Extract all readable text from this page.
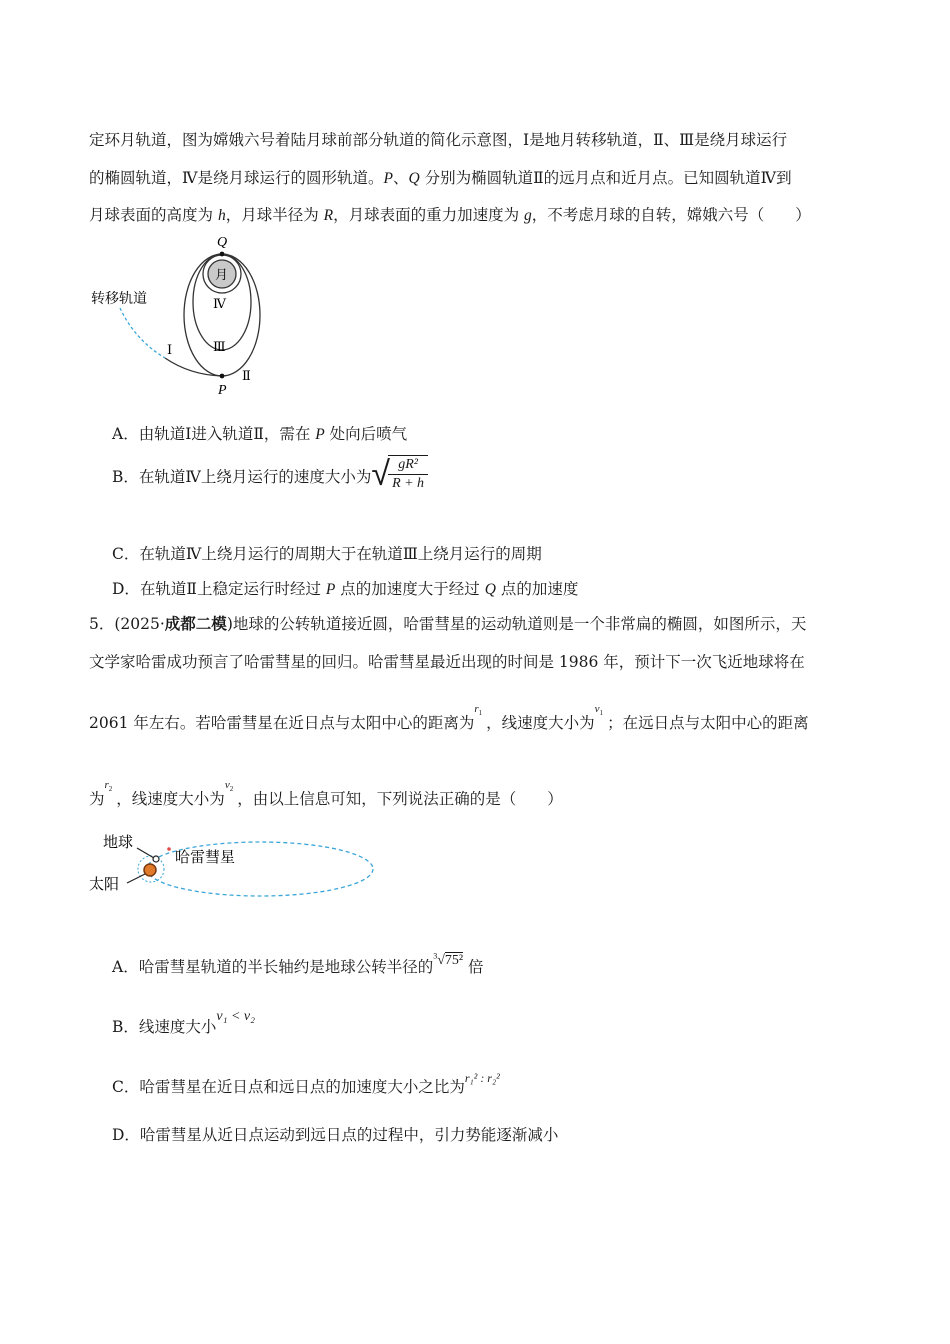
定环月轨道，图为嫦娥六号着陆月球前部分轨道的简化示意图，Ⅰ是地月转移轨道，Ⅱ、Ⅲ是绕月球运行
的椭圆轨道，Ⅳ是绕月球运行的圆形轨道。P、Q 分别为椭圆轨道Ⅱ的远月点和近月点。已知圆轨道Ⅳ到
月球表面的高度为 h，月球半径为 R，月球表面的重力加速度为 g，不考虑月球的自转，嫦娥六号（　　）
Q
月
Ⅳ
转移轨道
Ⅰ	Ⅲ
Ⅱ
P
A．由轨道Ⅰ进入轨道Ⅱ，需在 P 处向后喷气
B．在轨道Ⅳ上绕月运行的速度大小为√
$\frac{\text{gR²}}{R + h}$
C．在轨道Ⅳ上绕月运行的周期大于在轨道Ⅲ上绕月运行的周期
D．在轨道Ⅱ上稳定运行时经过 P 点的加速度大于经过 Q 点的加速度
5．(2025·成都二模)地球的公转轨道接近圆，哈雷彗星的运动轨道则是一个非常扁的椭圆，如图所示，天
文学家哈雷成功预言了哈雷彗星的回归。哈雷彗星最近出现的时间是 1986 年，预计下一次飞近地球将在
2061 年左右。若哈雷彗星在近日点与太阳中心的距离为$^{r_1}$，线速度大小为$^{v_1}$；在远日点与太阳中心的距离
为$^{r_2}$，线速度大小为$^{v_2}$，由以上信息可知，下列说法正确的是（　　）
地球
哈雷彗星
太阳
A．哈雷彗星轨道的半长轴约是地球公转半径的$^3$√75² 倍
B．线速度大小v₁ < v₂
C．哈雷彗星在近日点和远日点的加速度大小之比为$^{r_1^2 : r_2^2}$
D．哈雷彗星从近日点运动到远日点的过程中，引力势能逐渐减小
